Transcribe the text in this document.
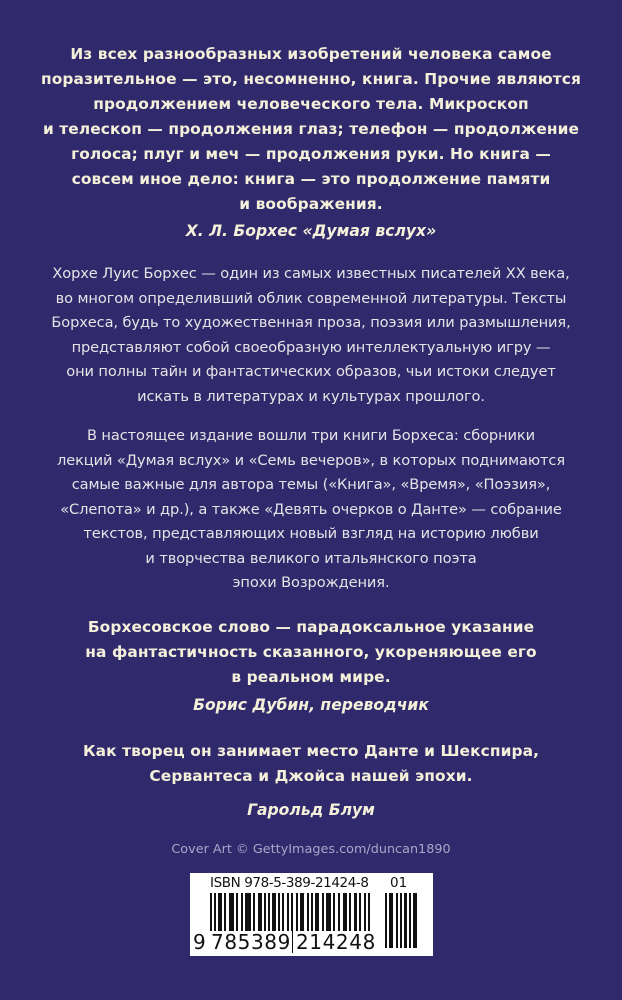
Из всех разнообразных изобретений человека самое
поразительное — это, несомненно, книга. Прочие являются
продолжением человеческого тела. Микроскоп
и телескоп — продолжения глаз; телефон — продолжение
голоса; плуг и меч — продолжения руки. Но книга —
совсем иное дело: книга — это продолжение памяти
и воображения.
Х. Л. Борхес «Думая вслух»
Хорхе Луис Борхес — один из самых известных писателей XX века,
во многом определивший облик современной литературы. Тексты
Борхеса, будь то художественная проза, поэзия или размышления,
представляют собой своеобразную интеллектуальную игру —
они полны тайн и фантастических образов, чьи истоки следует
искать в литературах и культурах прошлого.
В настоящее издание вошли три книги Борхеса: сборники
лекций «Думая вслух» и «Семь вечеров», в которых поднимаются
самые важные для автора темы («Книга», «Время», «Поэзия»,
«Слепота» и др.), а также «Девять очерков о Данте» — собрание
текстов, представляющих новый взгляд на историю любви
и творчества великого итальянского поэта
эпохи Возрождения.
Борхесовское слово — парадоксальное указание
на фантастичность сказанного, укореняющее его
в реальном мире.
Борис Дубин, переводчик
Как творец он занимает место Данте и Шекспира,
Сервантеса и Джойса нашей эпохи.
Гарольд Блум
Cover Art © GettyImages.com/duncan1890
ISBN 978-5-389-21424-8 01
9 785389 214248
